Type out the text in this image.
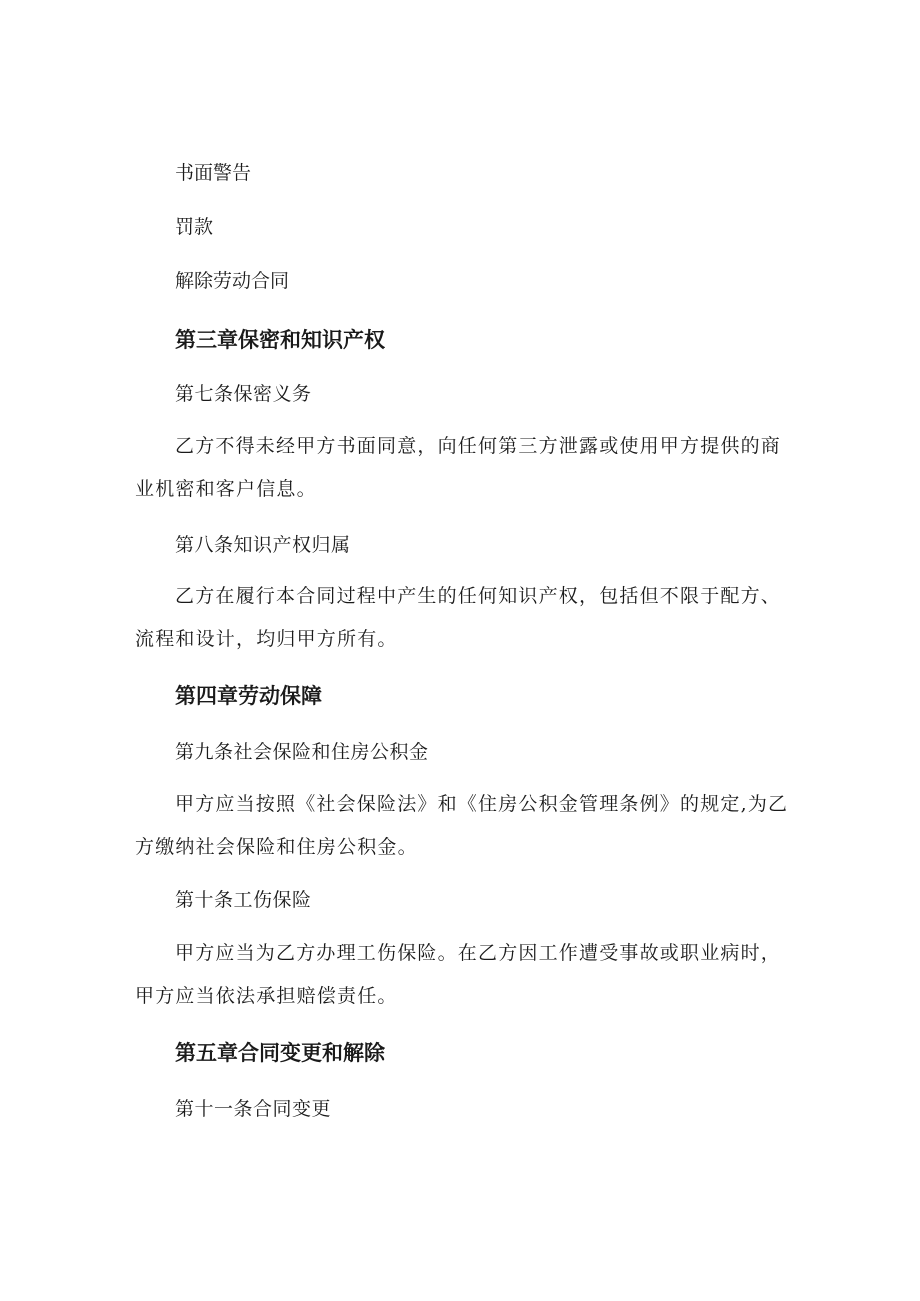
书面警告
罚款
解除劳动合同
第三章保密和知识产权
第七条保密义务
乙方不得未经甲方书面同意，向任何第三方泄露或使用甲方提供的商业机密和客户信息。
第八条知识产权归属
乙方在履行本合同过程中产生的任何知识产权，包括但不限于配方、流程和设计，均归甲方所有。
第四章劳动保障
第九条社会保险和住房公积金
甲方应当按照《社会保险法》和《住房公积金管理条例》的规定,为乙方缴纳社会保险和住房公积金。
第十条工伤保险
甲方应当为乙方办理工伤保险。在乙方因工作遭受事故或职业病时，甲方应当依法承担赔偿责任。
第五章合同变更和解除
第十一条合同变更
